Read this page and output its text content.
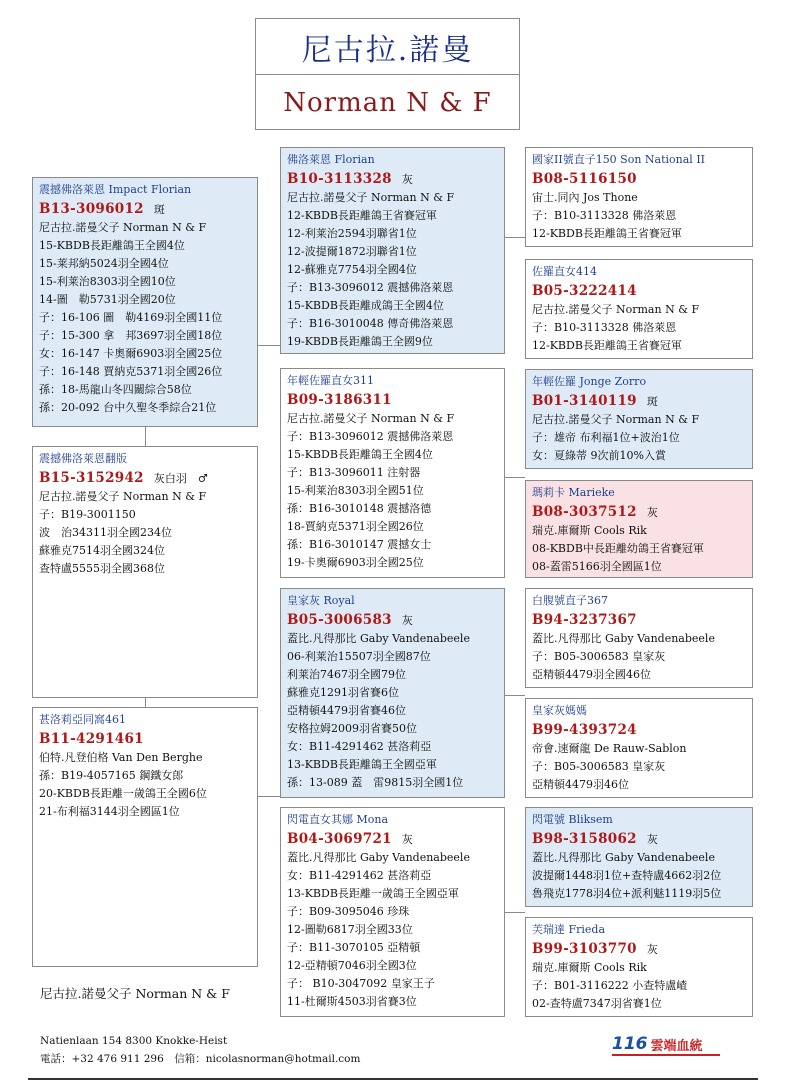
尼古拉.諾曼
Norman N & F
震撼佛洛萊恩 Impact Florian
B13-3096012 斑
尼古拉.諾曼父子 Norman N & F
15-KBDB長距離鴿王全國4位
15-莱邦納5024羽全國4位
15-利莱治8303羽全國10位
14-圖　勒5731羽全國20位
子：16-106 圖　勒4169羽全國11位
子：15-300 拿　邦3697羽全國18位
女：16-147 卡奧爾6903羽全國25位
子：16-148 賈納克5371羽全國26位
孫：18-馬龍山冬四關綜合58位
孫：20-092 台中久聖冬季綜合21位
震撼佛洛萊恩翻版
B15-3152942 灰白羽　♂
尼古拉.諾曼父子 Norman N & F
子：B19-3001150
波　治34311羽全國234位
蘇雅克7514羽全國324位
查特盧5555羽全國368位
甚洛莉亞同窩461
B11-4291461
伯特.凡登伯格 Van Den Berghe
孫：B19-4057165 鋼鐵女郎
20-KBDB長距離一歲鴿王全國6位
21-布利福3144羽全國區1位
佛洛萊恩 Florian
B10-3113328 灰
尼古拉.諾曼父子 Norman N & F
12-KBDB長距離鴿王省賽冠軍
12-利莱治2594羽聯省1位
12-波提爾1872羽聯省1位
12-蘇雅克7754羽全國4位
子：B13-3096012 震撼佛洛萊恩
15-KBDB長距離成鴿王全國4位
子：B16-3010048 傳奇佛洛萊恩
19-KBDB長距離鴿王全國9位
年輕佐羅直女311
B09-3186311
尼古拉.諾曼父子 Norman N & F
子：B13-3096012 震撼佛洛萊恩
15-KBDB長距離鴿王全國4位
子：B13-3096011 注射器
15-利莱治8303羽全國51位
孫：B16-3010148 震撼洛德
18-賈納克5371羽全國26位
孫：B16-3010147 震撼女士
19-卡奧爾6903羽全國25位
皇家灰 Royal
B05-3006583 灰
蓋比.凡得那比 Gaby Vandenabeele
06-利莱治15507羽全國87位
利莱治7467羽全國79位
蘇雅克1291羽省賽6位
亞精頓4479羽省賽46位
安格拉姆2009羽省賽50位
女：B11-4291462 甚洛莉亞
13-KBDB長距離鴿王全國亞軍
孫：13-089 蓋　雷9815羽全國1位
閃電直女其娜 Mona
B04-3069721 灰
蓋比.凡得那比 Gaby Vandenabeele
女：B11-4291462 甚洛莉亞
13-KBDB長距離一歲鴿王全國亞軍
子：B09-3095046 珍珠
12-圖勒6817羽全國33位
子：B11-3070105 亞精頓
12-亞精頓7046羽全國3位
子： B10-3047092 皇家王子
11-杜爾斯4503羽省賽3位
國家II號直子150 Son National II
B08-5116150
宙士.同內 Jos Thone
子：B10-3113328 佛洛萊恩
12-KBDB長距離鴿王省賽冠軍
佐羅直女414
B05-3222414
尼古拉.諾曼父子 Norman N & F
子：B10-3113328 佛洛萊恩
12-KBDB長距離鴿王省賽冠軍
年輕佐羅 Jonge Zorro
B01-3140119 斑
尼古拉.諾曼父子 Norman N & F
子：雄帝 布利福1位+波治1位
女：夏綠蒂 9次前10%入賞
瑪莉卡 Marieke
B08-3037512 灰
瑞克.庫爾斯 Cools Rik
08-KBDB中長距離幼鴿王省賽冠軍
08-蓋雷5166羽全國區1位
白腹號直子367
B94-3237367
蓋比.凡得那比 Gaby Vandenabeele
子：B05-3006583 皇家灰
亞精頓4479羽全國46位
皇家灰媽媽
B99-4393724
帝會.速爾龍 De Rauw-Sablon
子：B05-3006583 皇家灰
亞精頓4479羽46位
閃電號 Bliksem
B98-3158062 灰
蓋比.凡得那比 Gaby Vandenabeele
波提爾1448羽1位+查特盧4662羽2位
魯飛克1778羽4位+派利魅1119羽5位
芙瑞達 Frieda
B99-3103770 灰
瑞克.庫爾斯 Cools Rik
子：B01-3116222 小查特盧嵖
02-查特盧7347羽省賽1位
尼古拉.諾曼父子 Norman N & F
Natienlaan 154 8300 Knokke-Heist
電話：+32 476 911 296　信箱：nicolasnorman@hotmail.com
116 雲端血統
